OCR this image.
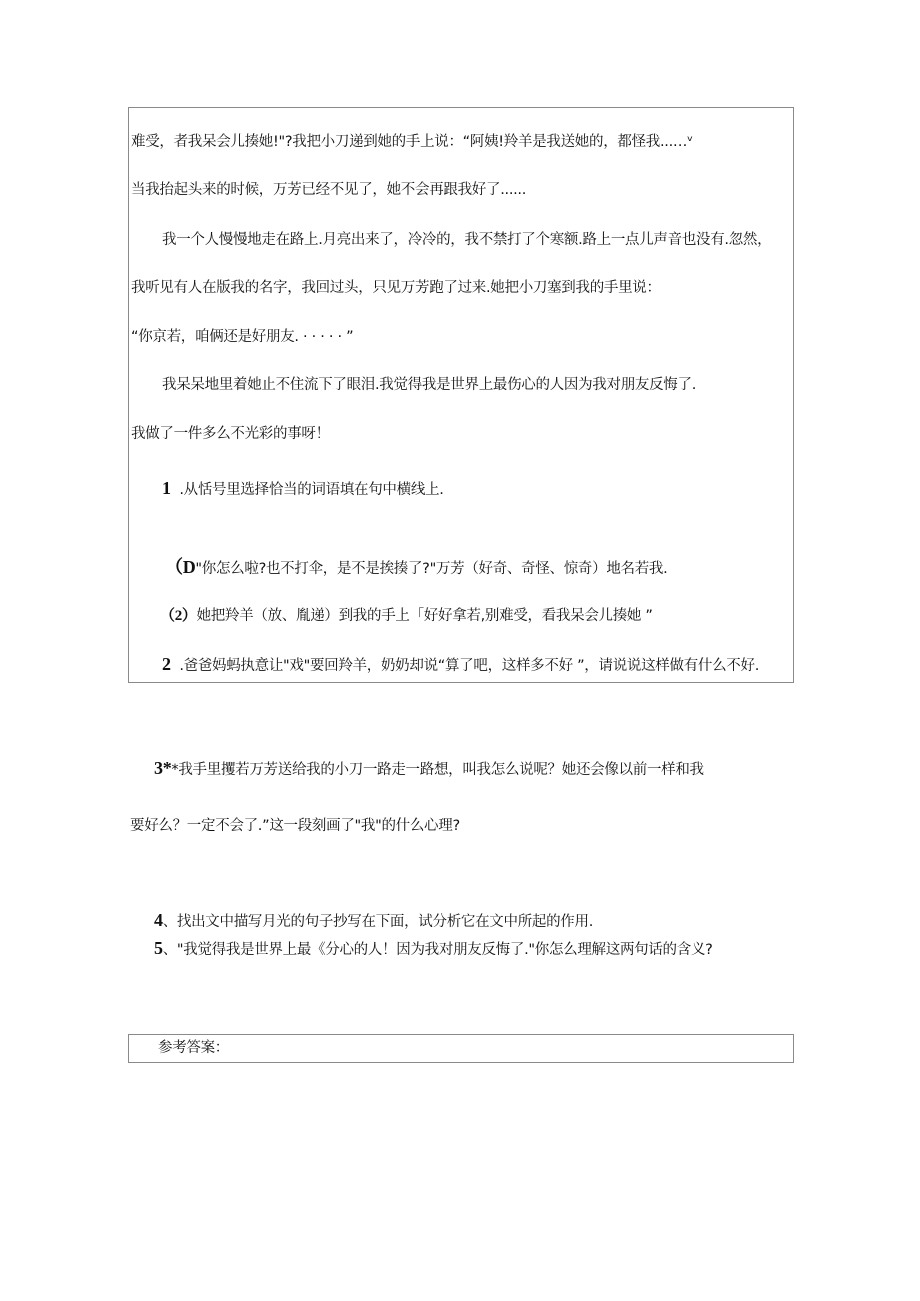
难受，者我呆会儿揍她!"?我把小刀递到她的手上说：“阿姨!羚羊是我送她的，都怪我...…ᵛ
当我抬起头来的时候，万芳已经不见了，她不会再跟我好了......
我一个人慢慢地走在路上.月亮出来了，冷冷的，我不禁打了个寒额.路上一点儿声音也没有.忽然，
我听见有人在版我的名字，我回过头，只见万芳跑了过来.她把小刀塞到我的手里说：
“你京若，咱俩还是好朋友. · · · · · ”
我呆呆地里着她止不住流下了眼泪.我觉得我是世界上最伤心的人因为我对朋友反悔了.
我做了一件多么不光彩的事呀！
1 .从恬号里选择恰当的词语填在句中横线上.
（D"你怎么啦?也不打伞，是不是挨揍了?"万芳（好奇、奇怪、惊奇）地名若我.
（2）她把羚羊（放、胤递）到我的手上「好好拿若,别难受，看我呆会儿揍她 ”
2 .爸爸妈蚂执意让"戏"要回羚羊，奶奶却说“算了吧，这样多不好 ”，请说说这样做有什么不好.
3**我手里攫若万芳送给我的小刀一路走一路想，叫我怎么说呢？她还会像以前一样和我
要好么？一定不会了.”这一段刻画了"我"的什么心理?
4、找出文中描写月光的句子抄写在下面，试分析它在文中所起的作用.
5、"我觉得我是世界上最《分心的人！因为我对朋友反悔了."你怎么理解这两句话的含义?
参考答案：
